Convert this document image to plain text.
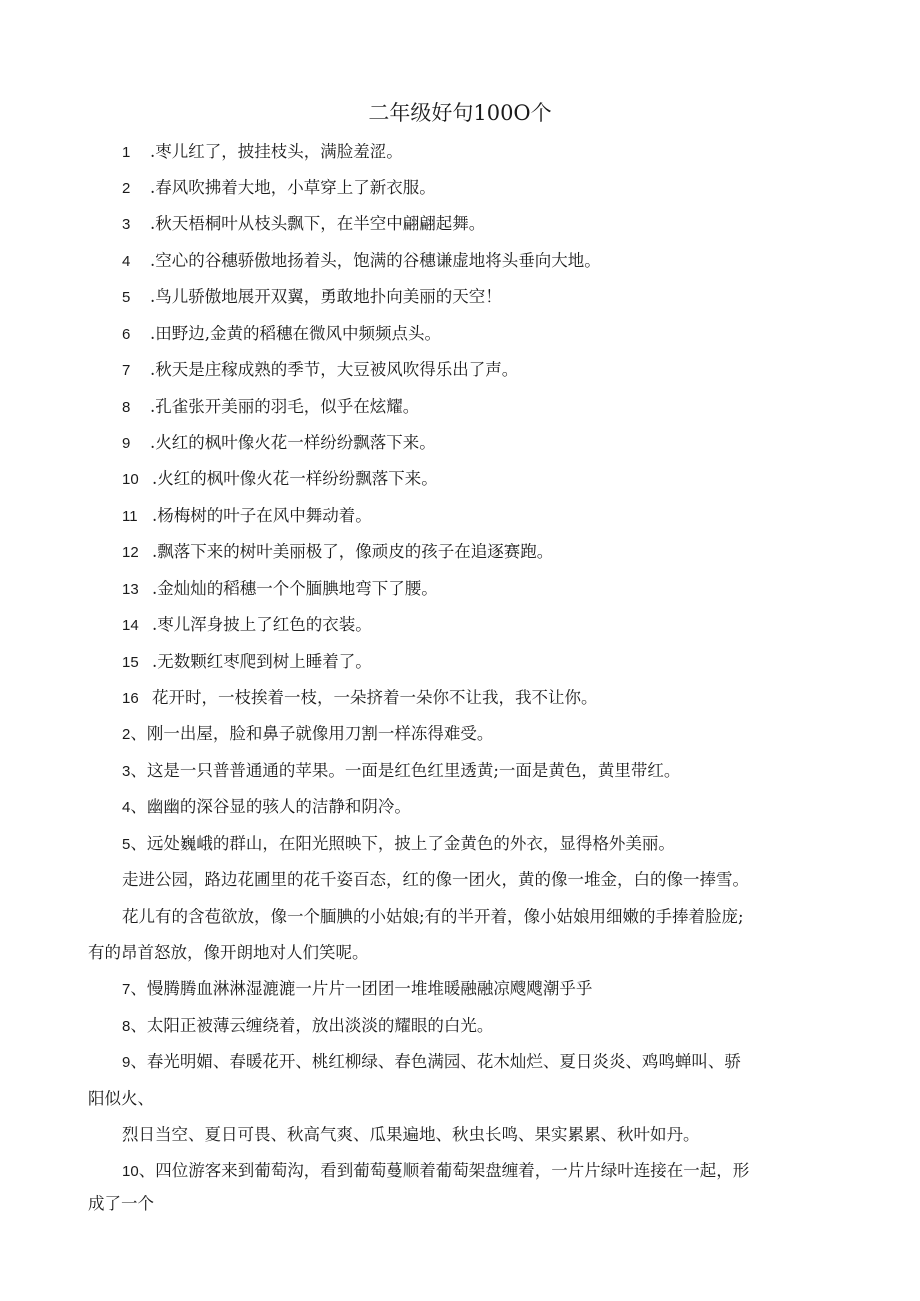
二年级好句100O个
1 .枣儿红了，披挂枝头，满脸羞涩。
2 .春风吹拂着大地，小草穿上了新衣服。
3 .秋天梧桐叶从枝头飘下，在半空中翩翩起舞。
4 .空心的谷穗骄傲地扬着头，饱满的谷穗谦虚地将头垂向大地。
5 .鸟儿骄傲地展开双翼，勇敢地扑向美丽的天空！
6 .田野边,金黄的稻穗在微风中频频点头。
7 .秋天是庄稼成熟的季节，大豆被风吹得乐出了声。
8 .孔雀张开美丽的羽毛，似乎在炫耀。
9 .火红的枫叶像火花一样纷纷飘落下来。
10 .火红的枫叶像火花一样纷纷飘落下来。
11 .杨梅树的叶子在风中舞动着。
12 .飘落下来的树叶美丽极了，像顽皮的孩子在追逐赛跑。
13 .金灿灿的稻穗一个个腼腆地弯下了腰。
14 .枣儿浑身披上了红色的衣装。
15 .无数颗红枣爬到树上睡着了。
16 花开时，一枝挨着一枝，一朵挤着一朵你不让我，我不让你。
2、刚一出屋，脸和鼻子就像用刀割一样冻得难受。
3、这是一只普普通通的苹果。一面是红色红里透黄;一面是黄色，黄里带红。
4、幽幽的深谷显的骇人的洁静和阴冷。
5、远处巍峨的群山，在阳光照映下，披上了金黄色的外衣，显得格外美丽。
走进公园，路边花圃里的花千姿百态，红的像一团火，黄的像一堆金，白的像一捧雪。
花儿有的含苞欲放，像一个腼腆的小姑娘;有的半开着，像小姑娘用细嫩的手捧着脸庞;
有的昂首怒放，像开朗地对人们笑呢。
7、慢腾腾血淋淋湿漉漉一片片一团团一堆堆暖融融凉飕飕潮乎乎
8、太阳正被薄云缠绕着，放出淡淡的耀眼的白光。
9、春光明媚、春暖花开、桃红柳绿、春色满园、花木灿烂、夏日炎炎、鸡鸣蝉叫、骄
阳似火、
烈日当空、夏日可畏、秋高气爽、瓜果遍地、秋虫长鸣、果实累累、秋叶如丹。
10、四位游客来到葡萄沟，看到葡萄蔓顺着葡萄架盘缠着，一片片绿叶连接在一起，形
成了一个
